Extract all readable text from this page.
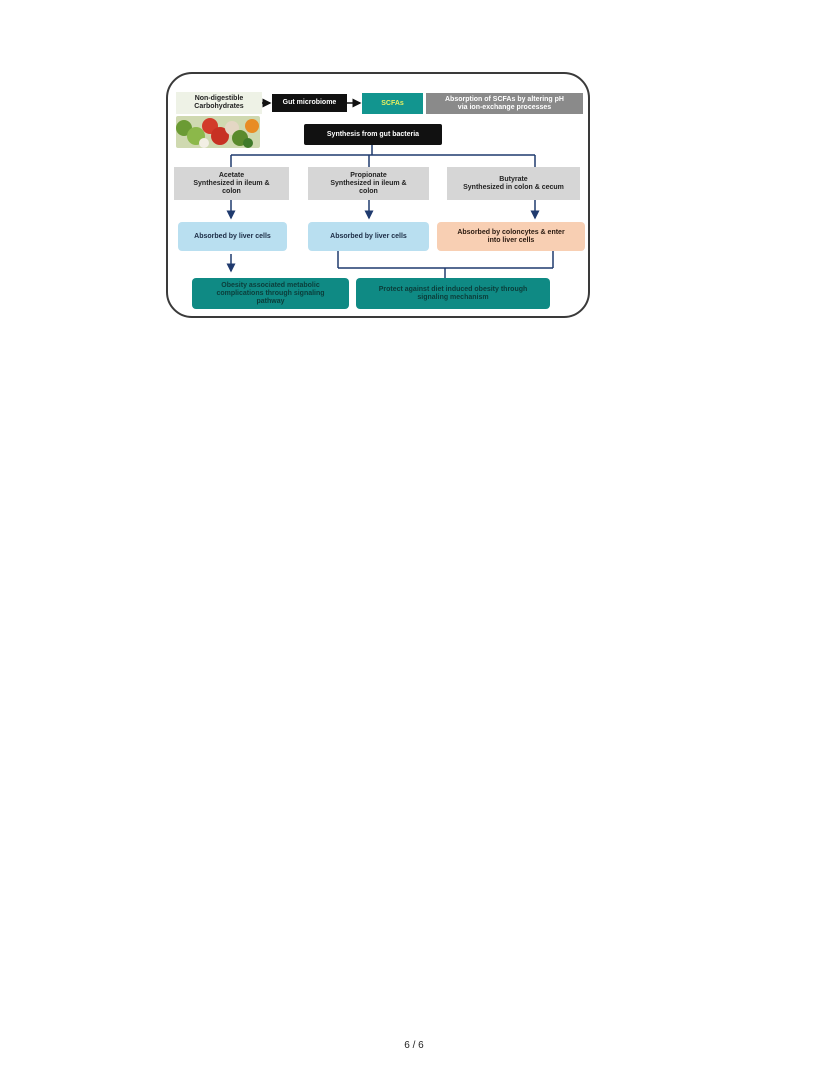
Non-digestible
Carbohydrates
Gut microbiome	SCFAs
Absorption of SCFAs by altering pH
via ion-exchange processes
Synthesis from gut bacteria
Acetate
Synthesized in ileum &
colon
Propionate
Synthesized in ileum &
colon
Butyrate
Synthesized in colon & cecum
Absorbed by liver cells	Absorbed by liver cells
Absorbed by coloncytes & enter
into liver cells
Obesity associated metabolic
complications through signaling
pathway
Protect against diet induced obesity through
signaling mechanism
6 / 6
